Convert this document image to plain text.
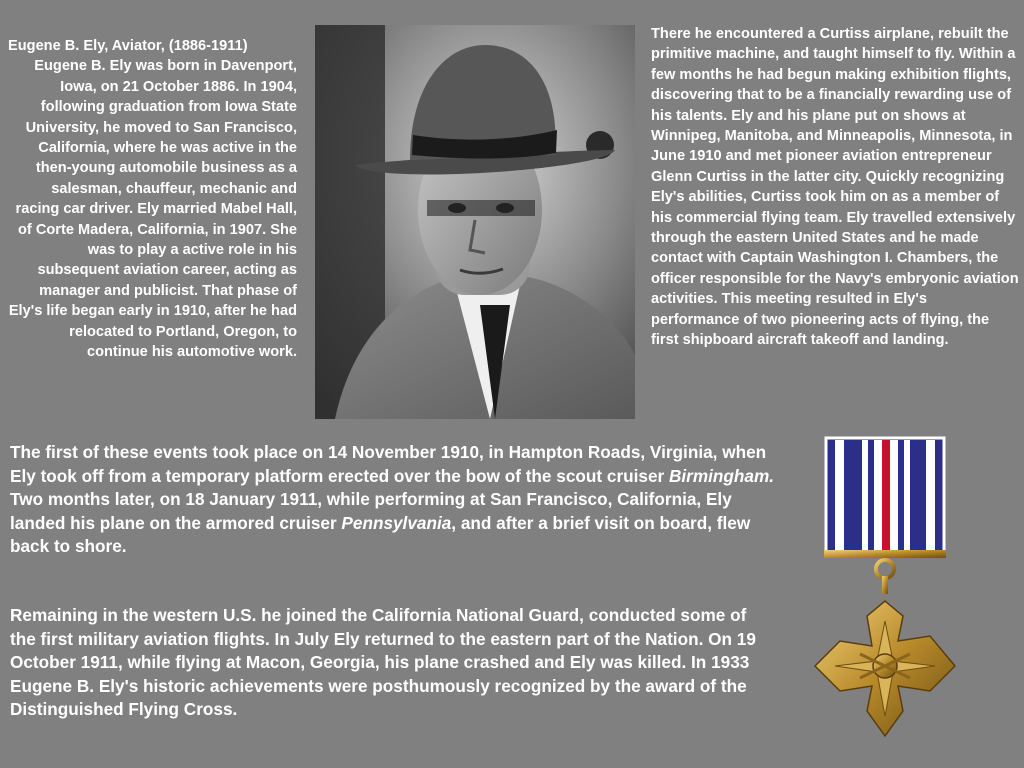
Eugene B. Ely, Aviator, (1886-1911)
Eugene B. Ely was born in Davenport, Iowa, on 21 October 1886. In 1904, following graduation from Iowa State University, he moved to San Francisco, California, where he was active in the then-young automobile business as a salesman, chauffeur, mechanic and racing car driver. Ely married Mabel Hall, of Corte Madera, California, in 1907. She was to play a active role in his subsequent aviation career, acting as manager and publicist. That phase of Ely's life began early in 1910, after he had relocated to Portland, Oregon, to continue his automotive work.
There he encountered a Curtiss airplane, rebuilt the primitive machine, and taught himself to fly. Within a few months he had begun making exhibition flights, discovering that to be a financially rewarding use of his talents. Ely and his plane put on shows at Winnipeg, Manitoba, and Minneapolis, Minnesota, in June 1910 and met pioneer aviation entrepreneur Glenn Curtiss in the latter city. Quickly recognizing Ely's abilities, Curtiss took him on as a member of his commercial flying team. Ely travelled extensively through the eastern United States and he made contact with Captain Washington I. Chambers, the officer responsible for the Navy's embryonic aviation activities. This meeting resulted in Ely's performance of two pioneering acts of flying, the first shipboard aircraft takeoff and landing.

The first of these events took place on 14 November 1910, in Hampton Roads, Virginia, when Ely took off from a temporary platform erected over the bow of the scout cruiser Birmingham. Two months later, on 18 January 1911, while performing at San Francisco, California, Ely landed his plane on the armored cruiser Pennsylvania, and after a brief visit on board, flew back to shore.

Remaining in the western U.S. he joined the California National Guard, conducted some of the first military aviation flights. In July Ely returned to the eastern part of the Nation. On 19 October 1911, while flying at Macon, Georgia, his plane crashed and Ely was killed. In 1933 Eugene B. Ely's historic achievements were posthumously recognized by the award of the Distinguished Flying Cross.
